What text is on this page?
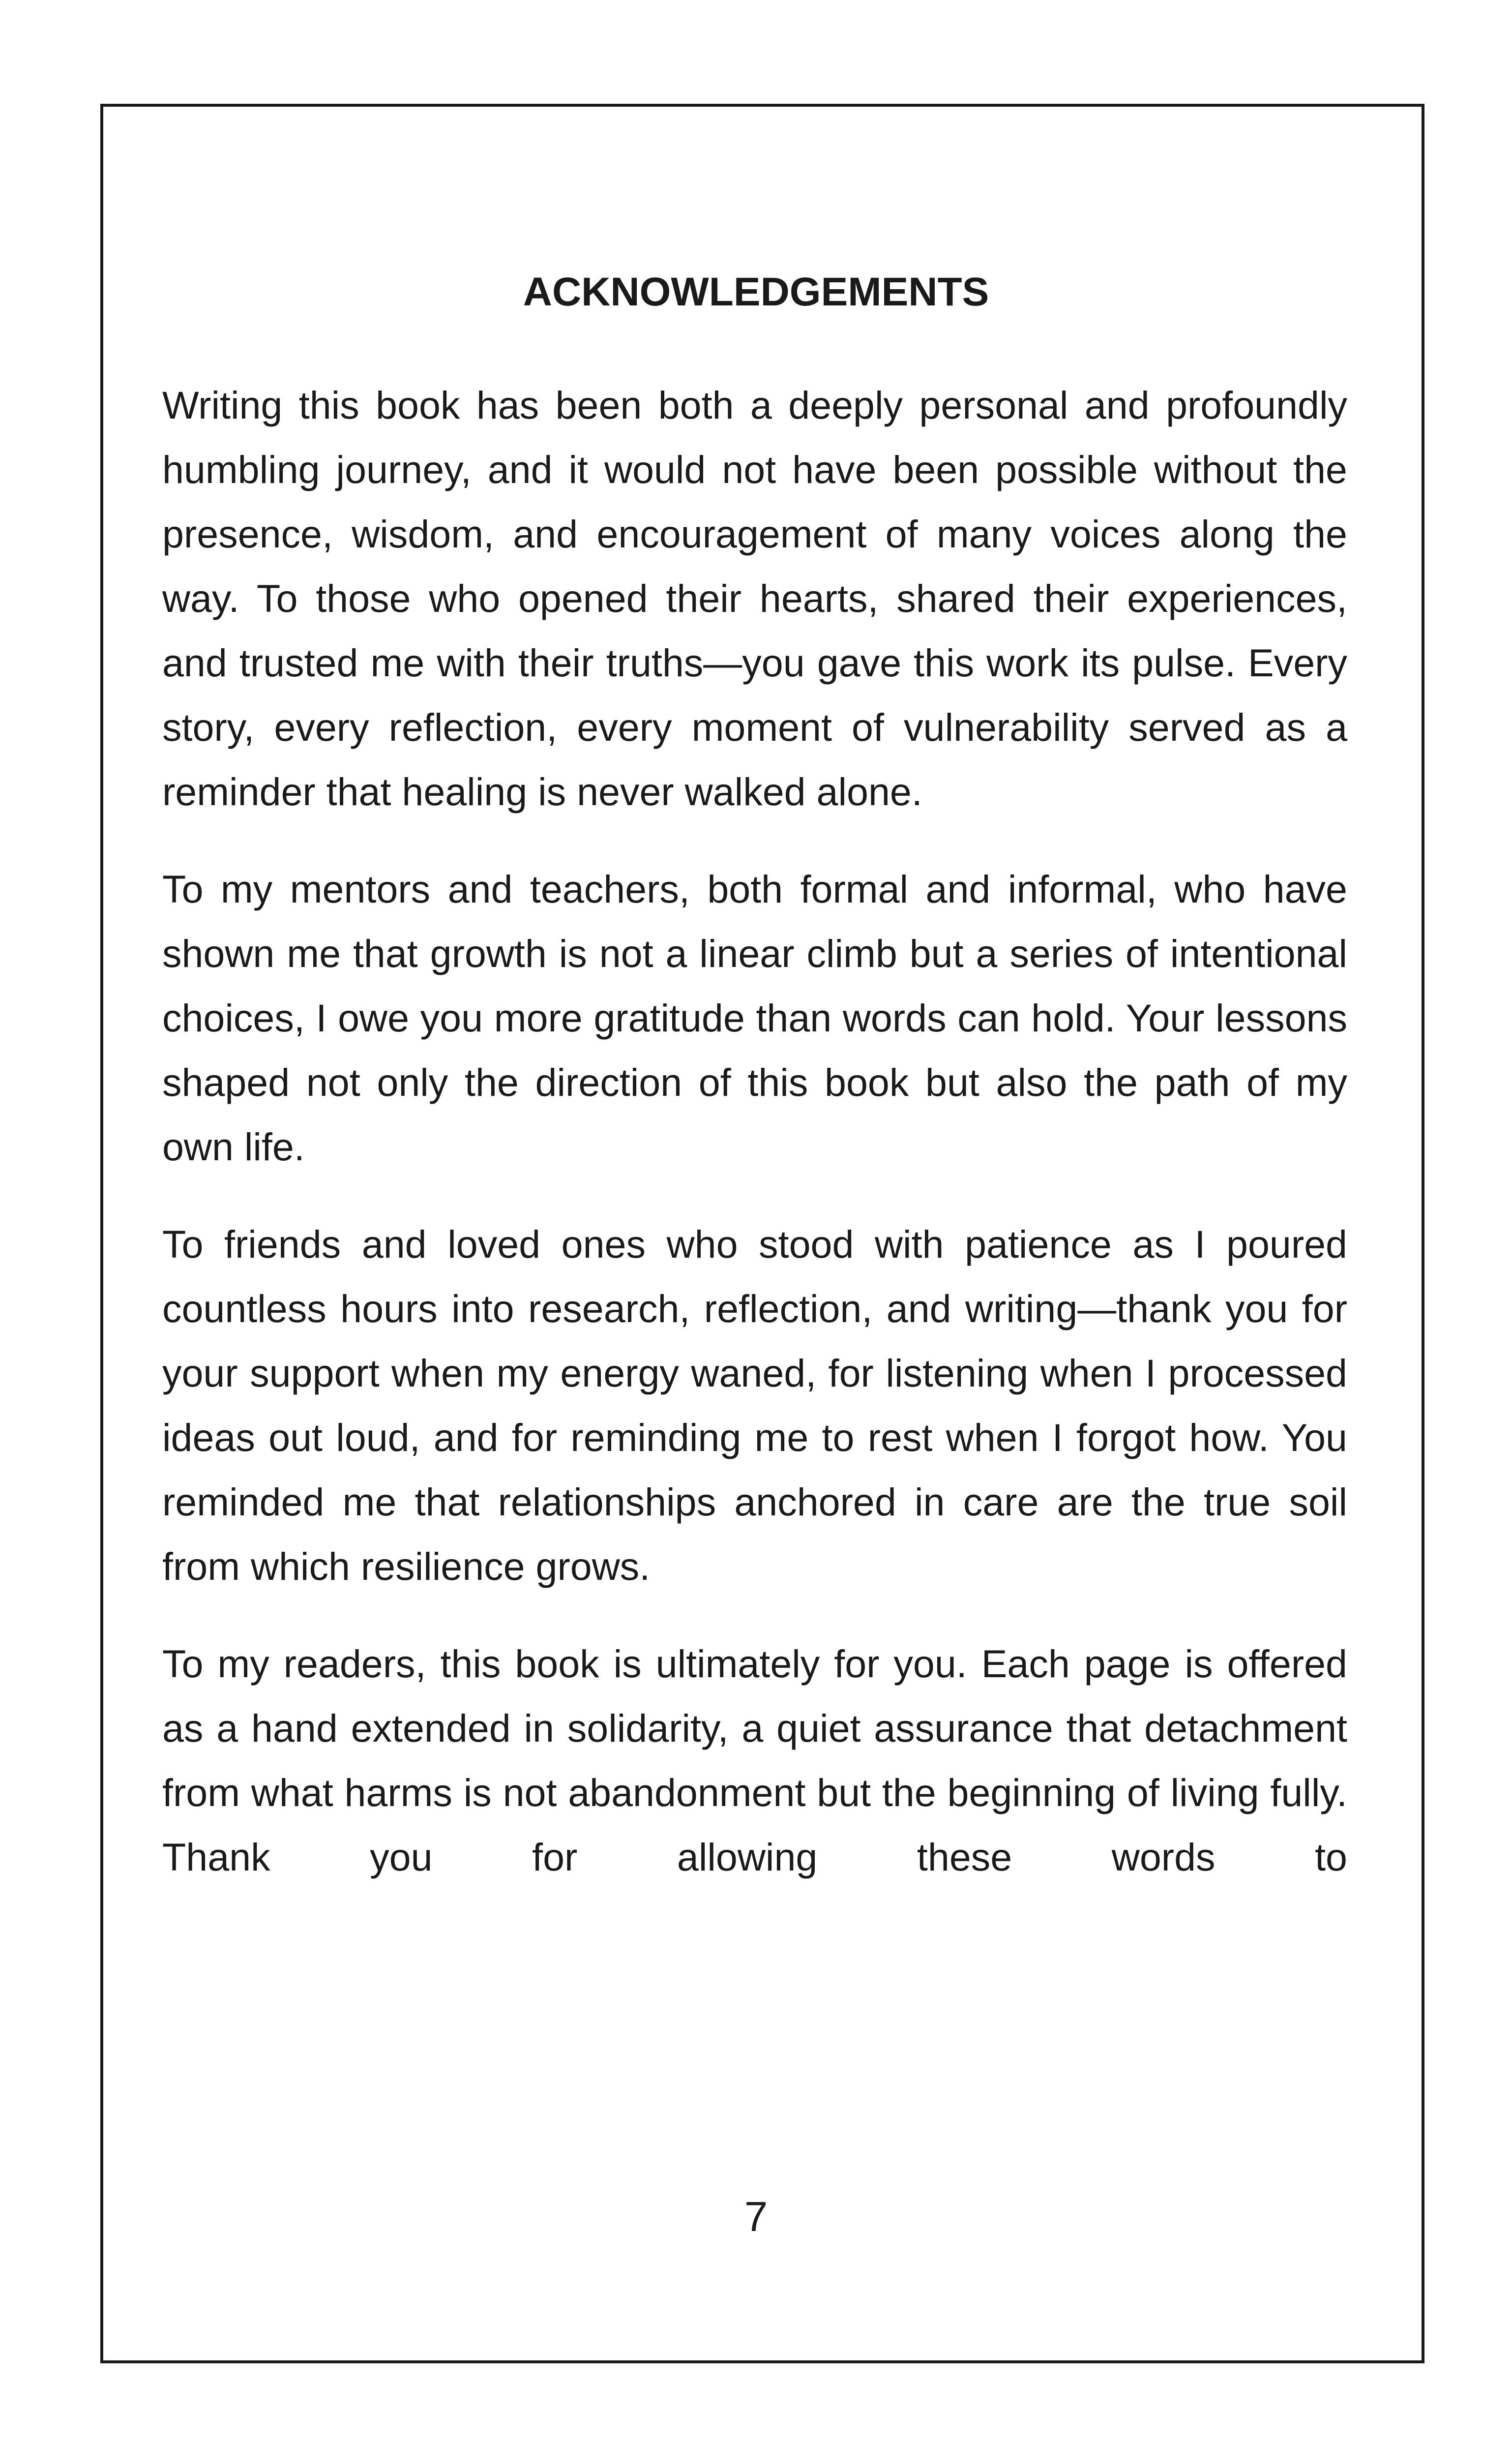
ACKNOWLEDGEMENTS

Writing this book has been both a deeply personal and profoundly humbling journey, and it would not have been possible without the presence, wisdom, and encouragement of many voices along the way. To those who opened their hearts, shared their experiences, and trusted me with their truths—you gave this work its pulse. Every story, every reflection, every moment of vulnerability served as a reminder that healing is never walked alone.

To my mentors and teachers, both formal and informal, who have shown me that growth is not a linear climb but a series of intentional choices, I owe you more gratitude than words can hold. Your lessons shaped not only the direction of this book but also the path of my own life.

To friends and loved ones who stood with patience as I poured countless hours into research, reflection, and writing—thank you for your support when my energy waned, for listening when I processed ideas out loud, and for reminding me to rest when I forgot how. You reminded me that relationships anchored in care are the true soil from which resilience grows.

To my readers, this book is ultimately for you. Each page is offered as a hand extended in solidarity, a quiet assurance that detachment from what harms is not abandonment but the beginning of living fully. Thank you for allowing these words to

7
